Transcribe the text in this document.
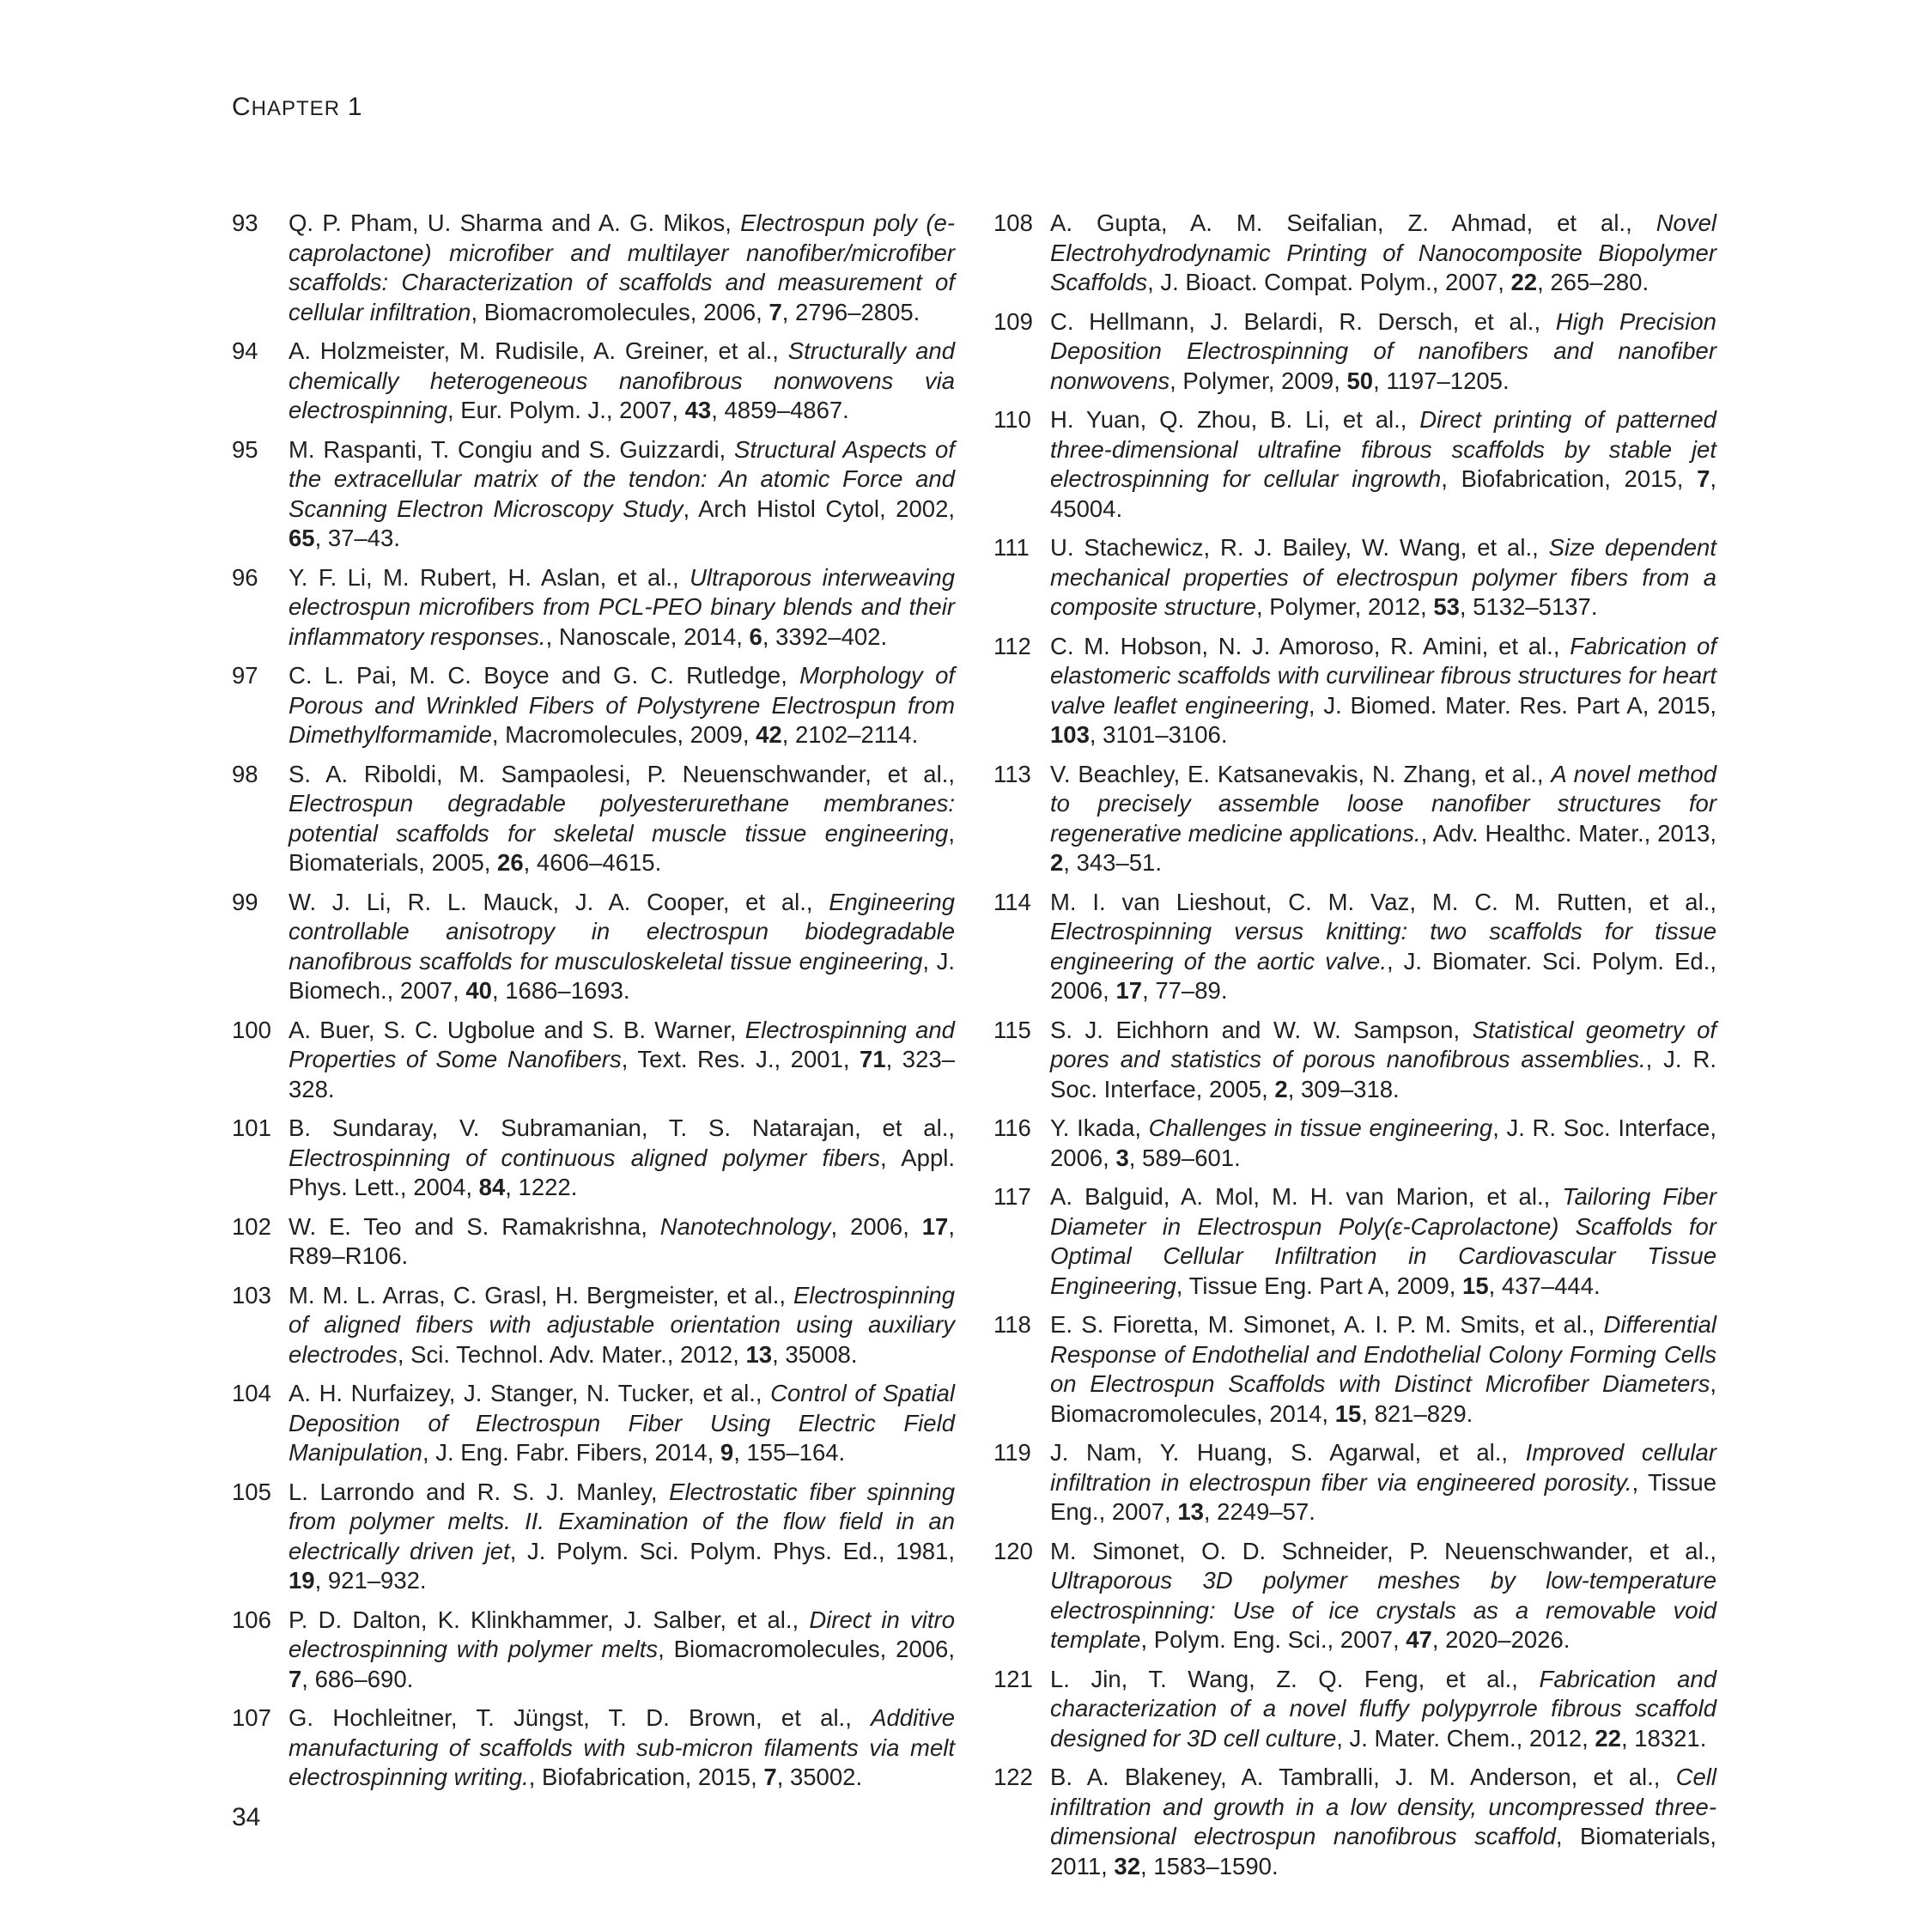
CHAPTER 1
93	Q. P. Pham, U. Sharma and A. G. Mikos, Electrospun poly (e-caprolactone) microfiber and multilayer nanofiber/microfiber scaffolds: Characterization of scaffolds and measurement of cellular infiltration, Biomacromolecules, 2006, 7, 2796–2805.
94	A. Holzmeister, M. Rudisile, A. Greiner, et al., Structurally and chemically heterogeneous nanofibrous nonwovens via electrospinning, Eur. Polym. J., 2007, 43, 4859–4867.
95	M. Raspanti, T. Congiu and S. Guizzardi, Structural Aspects of the extracellular matrix of the tendon: An atomic Force and Scanning Electron Microscopy Study, Arch Histol Cytol, 2002, 65, 37–43.
96	Y. F. Li, M. Rubert, H. Aslan, et al., Ultraporous interweaving electrospun microfibers from PCL-PEO binary blends and their inflammatory responses., Nanoscale, 2014, 6, 3392–402.
97	C. L. Pai, M. C. Boyce and G. C. Rutledge, Morphology of Porous and Wrinkled Fibers of Polystyrene Electrospun from Dimethylformamide, Macromolecules, 2009, 42, 2102–2114.
98	S. A. Riboldi, M. Sampaolesi, P. Neuenschwander, et al., Electrospun degradable polyesterurethane membranes: potential scaffolds for skeletal muscle tissue engineering, Biomaterials, 2005, 26, 4606–4615.
99	W. J. Li, R. L. Mauck, J. A. Cooper, et al., Engineering controllable anisotropy in electrospun biodegradable nanofibrous scaffolds for musculoskeletal tissue engineering, J. Biomech., 2007, 40, 1686–1693.
100 A. Buer, S. C. Ugbolue and S. B. Warner, Electrospinning and Properties of Some Nanofibers, Text. Res. J., 2001, 71, 323–328.
101 B. Sundaray, V. Subramanian, T. S. Natarajan, et al., Electrospinning of continuous aligned polymer fibers, Appl. Phys. Lett., 2004, 84, 1222.
102 W. E. Teo and S. Ramakrishna, Nanotechnology, 2006, 17, R89–R106.
103 M. M. L. Arras, C. Grasl, H. Bergmeister, et al., Electrospinning of aligned fibers with adjustable orientation using auxiliary electrodes, Sci. Technol. Adv. Mater., 2012, 13, 35008.
104 A. H. Nurfaizey, J. Stanger, N. Tucker, et al., Control of Spatial Deposition of Electrospun Fiber Using Electric Field Manipulation, J. Eng. Fabr. Fibers, 2014, 9, 155–164.
105 L. Larrondo and R. S. J. Manley, Electrostatic fiber spinning from polymer melts. II. Examination of the flow field in an electrically driven jet, J. Polym. Sci. Polym. Phys. Ed., 1981, 19, 921–932.
106 P. D. Dalton, K. Klinkhammer, J. Salber, et al., Direct in vitro electrospinning with polymer melts, Biomacromolecules, 2006, 7, 686–690.
107 G. Hochleitner, T. Jüngst, T. D. Brown, et al., Additive manufacturing of scaffolds with sub-micron filaments via melt electrospinning writing., Biofabrication, 2015, 7, 35002.
108 A. Gupta, A. M. Seifalian, Z. Ahmad, et al., Novel Electrohydrodynamic Printing of Nanocomposite Biopolymer Scaffolds, J. Bioact. Compat. Polym., 2007, 22, 265–280.
109 C. Hellmann, J. Belardi, R. Dersch, et al., High Precision Deposition Electrospinning of nanofibers and nanofiber nonwovens, Polymer, 2009, 50, 1197–1205.
110 H. Yuan, Q. Zhou, B. Li, et al., Direct printing of patterned three-dimensional ultrafine fibrous scaffolds by stable jet electrospinning for cellular ingrowth, Biofabrication, 2015, 7, 45004.
111 U. Stachewicz, R. J. Bailey, W. Wang, et al., Size dependent mechanical properties of electrospun polymer fibers from a composite structure, Polymer, 2012, 53, 5132–5137.
112 C. M. Hobson, N. J. Amoroso, R. Amini, et al., Fabrication of elastomeric scaffolds with curvilinear fibrous structures for heart valve leaflet engineering, J. Biomed. Mater. Res. Part A, 2015, 103, 3101–3106.
113 V. Beachley, E. Katsanevakis, N. Zhang, et al., A novel method to precisely assemble loose nanofiber structures for regenerative medicine applications., Adv. Healthc. Mater., 2013, 2, 343–51.
114 M. I. van Lieshout, C. M. Vaz, M. C. M. Rutten, et al., Electrospinning versus knitting: two scaffolds for tissue engineering of the aortic valve., J. Biomater. Sci. Polym. Ed., 2006, 17, 77–89.
115 S. J. Eichhorn and W. W. Sampson, Statistical geometry of pores and statistics of porous nanofibrous assemblies., J. R. Soc. Interface, 2005, 2, 309–318.
116 Y. Ikada, Challenges in tissue engineering, J. R. Soc. Interface, 2006, 3, 589–601.
117 A. Balguid, A. Mol, M. H. van Marion, et al., Tailoring Fiber Diameter in Electrospun Poly(ε-Caprolactone) Scaffolds for Optimal Cellular Infiltration in Cardiovascular Tissue Engineering, Tissue Eng. Part A, 2009, 15, 437–444.
118 E. S. Fioretta, M. Simonet, A. I. P. M. Smits, et al., Differential Response of Endothelial and Endothelial Colony Forming Cells on Electrospun Scaffolds with Distinct Microfiber Diameters, Biomacromolecules, 2014, 15, 821–829.
119 J. Nam, Y. Huang, S. Agarwal, et al., Improved cellular infiltration in electrospun fiber via engineered porosity., Tissue Eng., 2007, 13, 2249–57.
120 M. Simonet, O. D. Schneider, P. Neuenschwander, et al., Ultraporous 3D polymer meshes by low-temperature electrospinning: Use of ice crystals as a removable void template, Polym. Eng. Sci., 2007, 47, 2020–2026.
121 L. Jin, T. Wang, Z. Q. Feng, et al., Fabrication and characterization of a novel fluffy polypyrrole fibrous scaffold designed for 3D cell culture, J. Mater. Chem., 2012, 22, 18321.
122 B. A. Blakeney, A. Tambralli, J. M. Anderson, et al., Cell infiltration and growth in a low density, uncompressed three-dimensional electrospun nanofibrous scaffold, Biomaterials, 2011, 32, 1583–1590.
34
